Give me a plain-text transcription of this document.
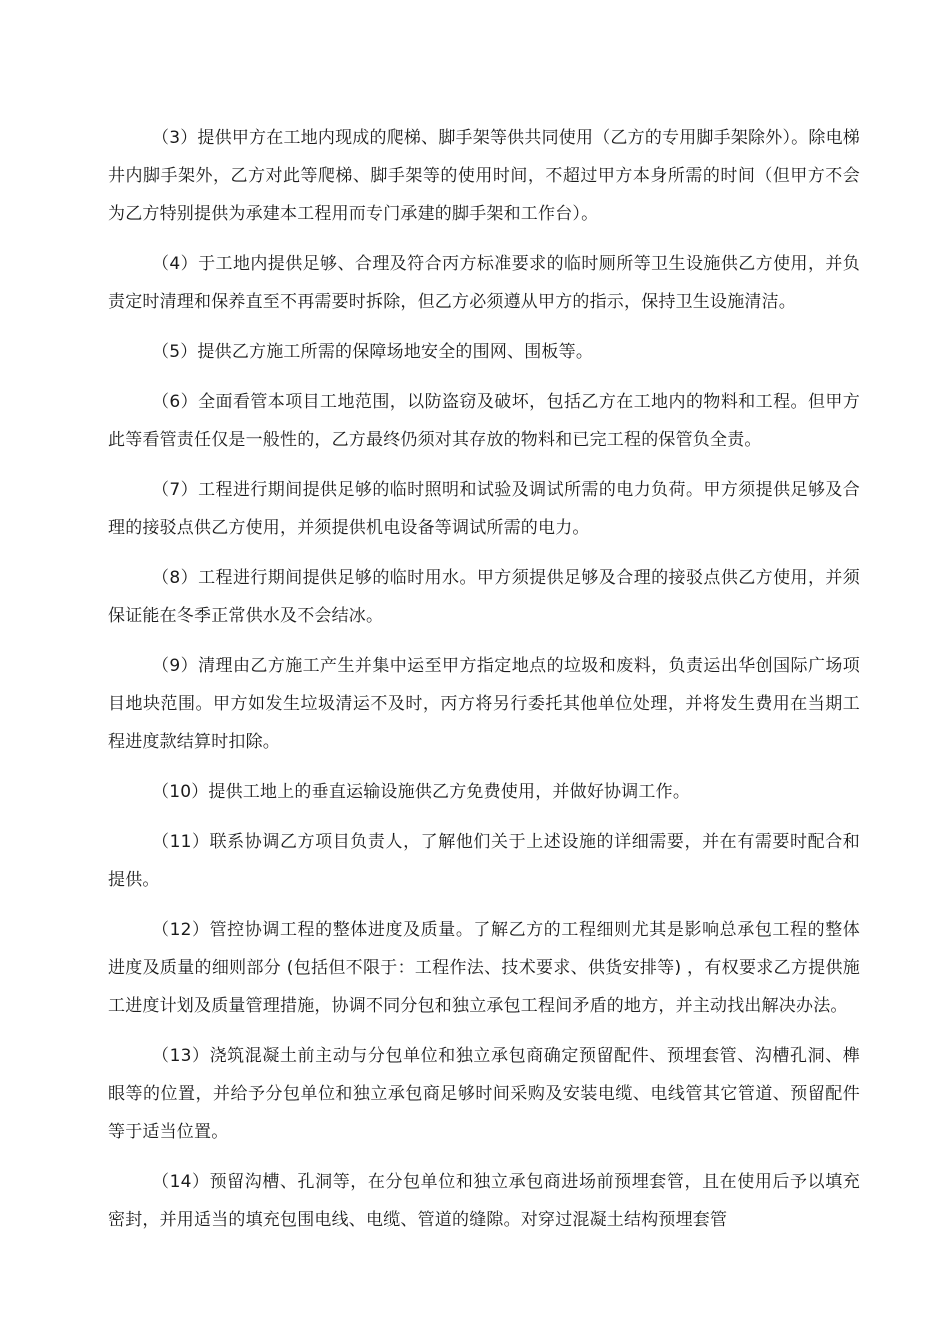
（3）提供甲方在工地内现成的爬梯、脚手架等供共同使用（乙方的专用脚手架除外）。除电梯井内脚手架外，乙方对此等爬梯、脚手架等的使用时间，不超过甲方本身所需的时间（但甲方不会为乙方特别提供为承建本工程用而专门承建的脚手架和工作台）。

（4）于工地内提供足够、合理及符合丙方标准要求的临时厕所等卫生设施供乙方使用，并负责定时清理和保养直至不再需要时拆除，但乙方必须遵从甲方的指示，保持卫生设施清洁。

（5）提供乙方施工所需的保障场地安全的围网、围板等。

（6）全面看管本项目工地范围，以防盗窃及破坏，包括乙方在工地内的物料和工程。但甲方此等看管责任仅是一般性的，乙方最终仍须对其存放的物料和已完工程的保管负全责。

（7）工程进行期间提供足够的临时照明和试验及调试所需的电力负荷。甲方须提供足够及合理的接驳点供乙方使用，并须提供机电设备等调试所需的电力。

（8）工程进行期间提供足够的临时用水。甲方须提供足够及合理的接驳点供乙方使用，并须保证能在冬季正常供水及不会结冰。

（9）清理由乙方施工产生并集中运至甲方指定地点的垃圾和废料，负责运出华创国际广场项目地块范围。甲方如发生垃圾清运不及时，丙方将另行委托其他单位处理，并将发生费用在当期工程进度款结算时扣除。

（10）提供工地上的垂直运输设施供乙方免费使用，并做好协调工作。

（11）联系协调乙方项目负责人，了解他们关于上述设施的详细需要，并在有需要时配合和提供。

（12）管控协调工程的整体进度及质量。了解乙方的工程细则尤其是影响总承包工程的整体进度及质量的细则部分 (包括但不限于：工程作法、技术要求、供货安排等) ，有权要求乙方提供施工进度计划及质量管理措施，协调不同分包和独立承包工程间矛盾的地方，并主动找出解决办法。

（13）浇筑混凝土前主动与分包单位和独立承包商确定预留配件、预埋套管、沟槽孔洞、榫眼等的位置，并给予分包单位和独立承包商足够时间采购及安装电缆、电线管其它管道、预留配件等于适当位置。

（14）预留沟槽、孔洞等，在分包单位和独立承包商进场前预埋套管，且在使用后予以填充密封，并用适当的填充包围电线、电缆、管道的缝隙。对穿过混凝土结构预埋套管
